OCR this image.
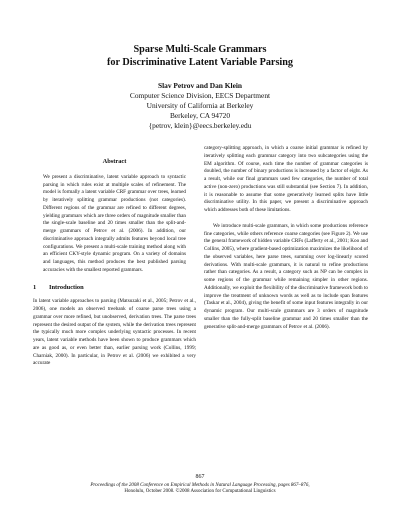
Sparse Multi-Scale Grammars
for Discriminative Latent Variable Parsing
Slav Petrov and Dan Klein
Computer Science Division, EECS Department
University of California at Berkeley
Berkeley, CA 94720
{petrov, klein}@eecs.berkeley.edu
Abstract

We present a discriminative, latent variable approach to syntactic parsing in which rules exist at multiple scales of refinement. The model is formally a latent variable CRF grammar over trees, learned by iteratively splitting grammar productions (not categories). Different regions of the grammar are refined to different degrees, yielding grammars which are three orders of magnitude smaller than the single-scale baseline and 20 times smaller than the split-and-merge grammars of Petrov et al. (2006). In addition, our discriminative approach integrally admits features beyond local tree configurations. We present a multi-scale training method along with an efficient CKY-style dynamic program. On a variety of domains and languages, this method produces the best published parsing accuracies with the smallest reported grammars.

1 Introduction

In latent variable approaches to parsing (Matsuzaki et al., 2005; Petrov et al., 2006), one models an observed treebank of coarse parse trees using a grammar over more refined, but unobserved, derivation trees. The parse trees represent the desired output of the system, while the derivation trees represent the typically much more complex underlying syntactic processes. In recent years, latent variable methods have been shown to produce grammars which are as good as, or even better than, earlier parsing work (Collins, 1999; Charniak, 2000). In particular, in Petrov et al. (2006) we exhibited a very accurate

category-splitting approach, in which a coarse initial grammar is refined by iteratively splitting each grammar category into two subcategories using the EM algorithm. Of course, each time the number of grammar categories is doubled, the number of binary productions is increased by a factor of eight. As a result, while our final grammars used few categories, the number of total active (non-zero) productions was still substantial (see Section 7). In addition, it is reasonable to assume that some generatively learned splits have little discriminative utility. In this paper, we present a discriminative approach which addresses both of these limitations.

We introduce multi-scale grammars, in which some productions reference fine categories, while others reference coarse categories (see Figure 2). We use the general framework of hidden variable CRFs (Lafferty et al., 2001; Koo and Collins, 2005), where gradient-based optimization maximizes the likelihood of the observed variables, here parse trees, summing over log-linearly scored derivations. With multi-scale grammars, it is natural to refine productions rather than categories. As a result, a category such as NP can be complex in some regions of the grammar while remaining simpler in other regions. Additionally, we exploit the flexibility of the discriminative framework both to improve the treatment of unknown words as well as to include span features (Taskar et al., 2004), giving the benefit of some input features integrally in our dynamic program. Our multi-scale grammars are 3 orders of magnitude smaller than the fully-split baseline grammar and 20 times smaller than the generative split-and-merge grammars of Petrov et al. (2006).

867
Proceedings of the 2008 Conference on Empirical Methods in Natural Language Processing, pages 867–876,
Honolulu, October 2008. ©2008 Association for Computational Linguistics
